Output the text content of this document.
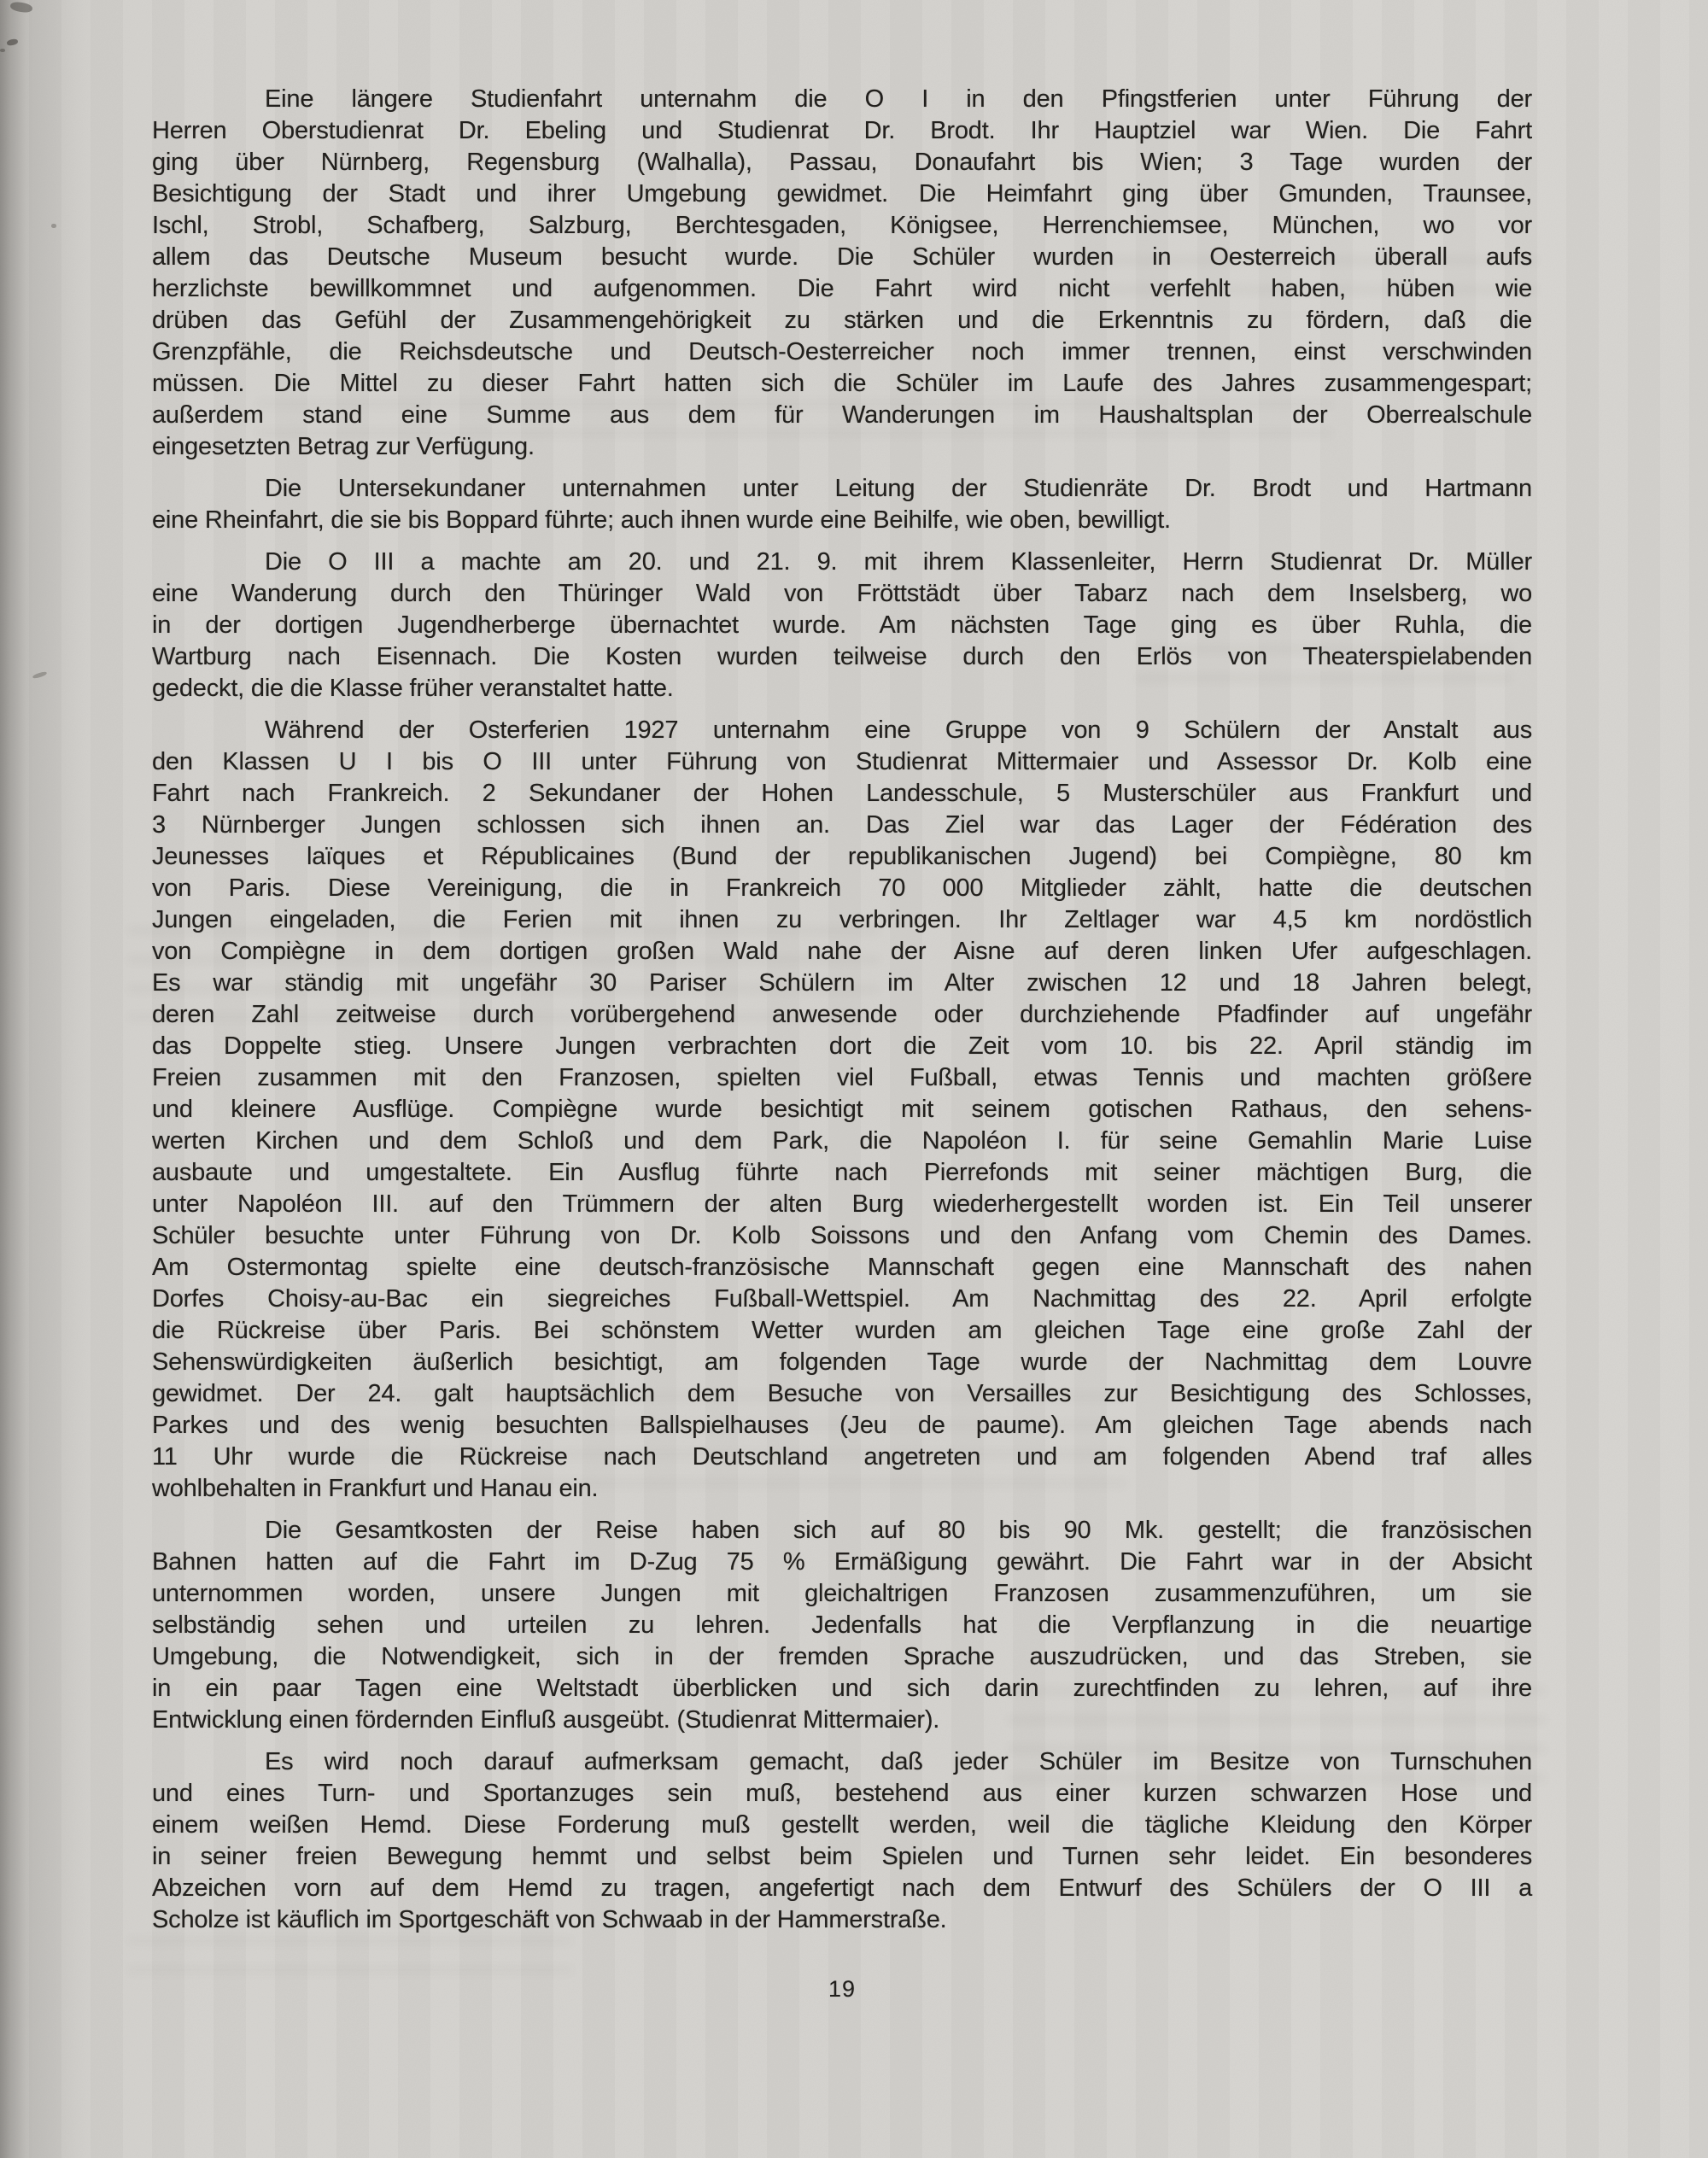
Eine längere Studienfahrt unternahm die O I in den Pfingstferien unter Führung der
Herren Oberstudienrat Dr. Ebeling und Studienrat Dr. Brodt. Ihr Hauptziel war Wien. Die Fahrt
ging über Nürnberg, Regensburg (Walhalla), Passau, Donaufahrt bis Wien; 3 Tage wurden der
Besichtigung der Stadt und ihrer Umgebung gewidmet. Die Heimfahrt ging über Gmunden, Traunsee,
Ischl, Strobl, Schafberg, Salzburg, Berchtesgaden, Königsee, Herrenchiemsee, München, wo vor
allem das Deutsche Museum besucht wurde. Die Schüler wurden in Oesterreich überall aufs
herzlichste bewillkommnet und aufgenommen. Die Fahrt wird nicht verfehlt haben, hüben wie
drüben das Gefühl der Zusammengehörigkeit zu stärken und die Erkenntnis zu fördern, daß die
Grenzpfähle, die Reichsdeutsche und Deutsch-Oesterreicher noch immer trennen, einst verschwinden
müssen. Die Mittel zu dieser Fahrt hatten sich die Schüler im Laufe des Jahres zusammengespart;
außerdem stand eine Summe aus dem für Wanderungen im Haushaltsplan der Oberrealschule
eingesetzten Betrag zur Verfügung.
Die Untersekundaner unternahmen unter Leitung der Studienräte Dr. Brodt und Hartmann
eine Rheinfahrt, die sie bis Boppard führte; auch ihnen wurde eine Beihilfe, wie oben, bewilligt.
Die O III a machte am 20. und 21. 9. mit ihrem Klassenleiter, Herrn Studienrat Dr. Müller
eine Wanderung durch den Thüringer Wald von Fröttstädt über Tabarz nach dem Inselsberg, wo
in der dortigen Jugendherberge übernachtet wurde. Am nächsten Tage ging es über Ruhla, die
Wartburg nach Eisennach. Die Kosten wurden teilweise durch den Erlös von Theaterspielabenden
gedeckt, die die Klasse früher veranstaltet hatte.
Während der Osterferien 1927 unternahm eine Gruppe von 9 Schülern der Anstalt aus
den Klassen U I bis O III unter Führung von Studienrat Mittermaier und Assessor Dr. Kolb eine
Fahrt nach Frankreich. 2 Sekundaner der Hohen Landesschule, 5 Musterschüler aus Frankfurt und
3 Nürnberger Jungen schlossen sich ihnen an. Das Ziel war das Lager der Fédération des
Jeunesses laïques et Républicaines (Bund der republikanischen Jugend) bei Compiègne, 80 km
von Paris. Diese Vereinigung, die in Frankreich 70 000 Mitglieder zählt, hatte die deutschen
Jungen eingeladen, die Ferien mit ihnen zu verbringen. Ihr Zeltlager war 4,5 km nordöstlich
von Compiègne in dem dortigen großen Wald nahe der Aisne auf deren linken Ufer aufgeschlagen.
Es war ständig mit ungefähr 30 Pariser Schülern im Alter zwischen 12 und 18 Jahren belegt,
deren Zahl zeitweise durch vorübergehend anwesende oder durchziehende Pfadfinder auf ungefähr
das Doppelte stieg. Unsere Jungen verbrachten dort die Zeit vom 10. bis 22. April ständig im
Freien zusammen mit den Franzosen, spielten viel Fußball, etwas Tennis und machten größere
und kleinere Ausflüge. Compiègne wurde besichtigt mit seinem gotischen Rathaus, den sehens-
werten Kirchen und dem Schloß und dem Park, die Napoléon I. für seine Gemahlin Marie Luise
ausbaute und umgestaltete. Ein Ausflug führte nach Pierrefonds mit seiner mächtigen Burg, die
unter Napoléon III. auf den Trümmern der alten Burg wiederhergestellt worden ist. Ein Teil unserer
Schüler besuchte unter Führung von Dr. Kolb Soissons und den Anfang vom Chemin des Dames.
Am Ostermontag spielte eine deutsch-französische Mannschaft gegen eine Mannschaft des nahen
Dorfes Choisy-au-Bac ein siegreiches Fußball-Wettspiel. Am Nachmittag des 22. April erfolgte
die Rückreise über Paris. Bei schönstem Wetter wurden am gleichen Tage eine große Zahl der
Sehenswürdigkeiten äußerlich besichtigt, am folgenden Tage wurde der Nachmittag dem Louvre
gewidmet. Der 24. galt hauptsächlich dem Besuche von Versailles zur Besichtigung des Schlosses,
Parkes und des wenig besuchten Ballspielhauses (Jeu de paume). Am gleichen Tage abends nach
11 Uhr wurde die Rückreise nach Deutschland angetreten und am folgenden Abend traf alles
wohlbehalten in Frankfurt und Hanau ein.
Die Gesamtkosten der Reise haben sich auf 80 bis 90 Mk. gestellt; die französischen
Bahnen hatten auf die Fahrt im D-Zug 75 % Ermäßigung gewährt. Die Fahrt war in der Absicht
unternommen worden, unsere Jungen mit gleichaltrigen Franzosen zusammenzuführen, um sie
selbständig sehen und urteilen zu lehren. Jedenfalls hat die Verpflanzung in die neuartige
Umgebung, die Notwendigkeit, sich in der fremden Sprache auszudrücken, und das Streben, sie
in ein paar Tagen eine Weltstadt überblicken und sich darin zurechtfinden zu lehren, auf ihre
Entwicklung einen fördernden Einfluß ausgeübt. (Studienrat Mittermaier).
Es wird noch darauf aufmerksam gemacht, daß jeder Schüler im Besitze von Turnschuhen
und eines Turn- und Sportanzuges sein muß, bestehend aus einer kurzen schwarzen Hose und
einem weißen Hemd. Diese Forderung muß gestellt werden, weil die tägliche Kleidung den Körper
in seiner freien Bewegung hemmt und selbst beim Spielen und Turnen sehr leidet. Ein besonderes
Abzeichen vorn auf dem Hemd zu tragen, angefertigt nach dem Entwurf des Schülers der O III a
Scholze ist käuflich im Sportgeschäft von Schwaab in der Hammerstraße.
19
